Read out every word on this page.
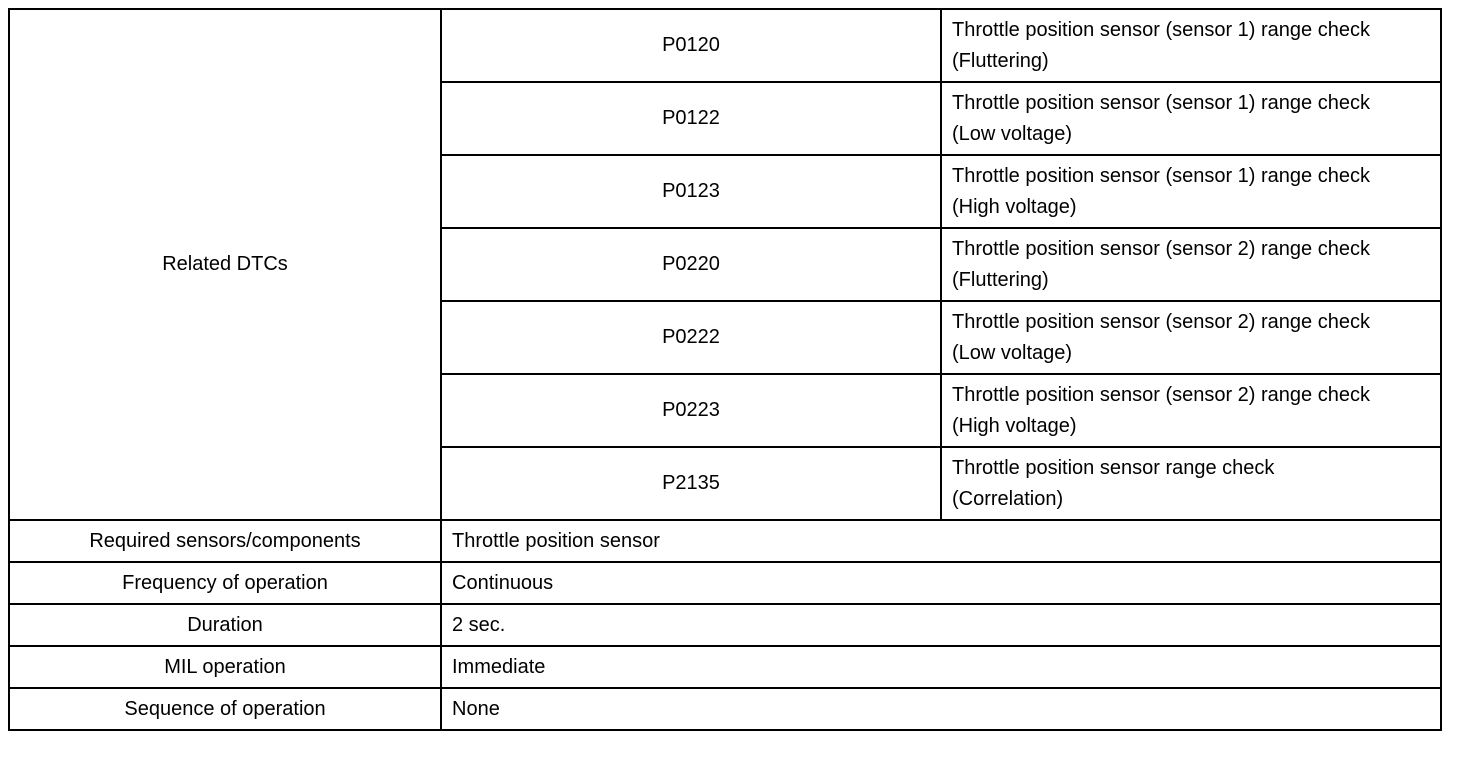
Related DTCs	P0120	Throttle position sensor (sensor 1) range check
(Fluttering)

	P0122	Throttle position sensor (sensor 1) range check
(Low voltage)

	P0123	Throttle position sensor (sensor 1) range check
(High voltage)

	P0220	Throttle position sensor (sensor 2) range check
(Fluttering)

	P0222	Throttle position sensor (sensor 2) range check
(Low voltage)

	P0223	Throttle position sensor (sensor 2) range check
(High voltage)

	P2135	Throttle position sensor range check
(Correlation)

Required sensors/components	Throttle position sensor	
Frequency of operation	Continuous	
Duration	2 sec.	
MIL operation	Immediate	
Sequence of operation	None	
